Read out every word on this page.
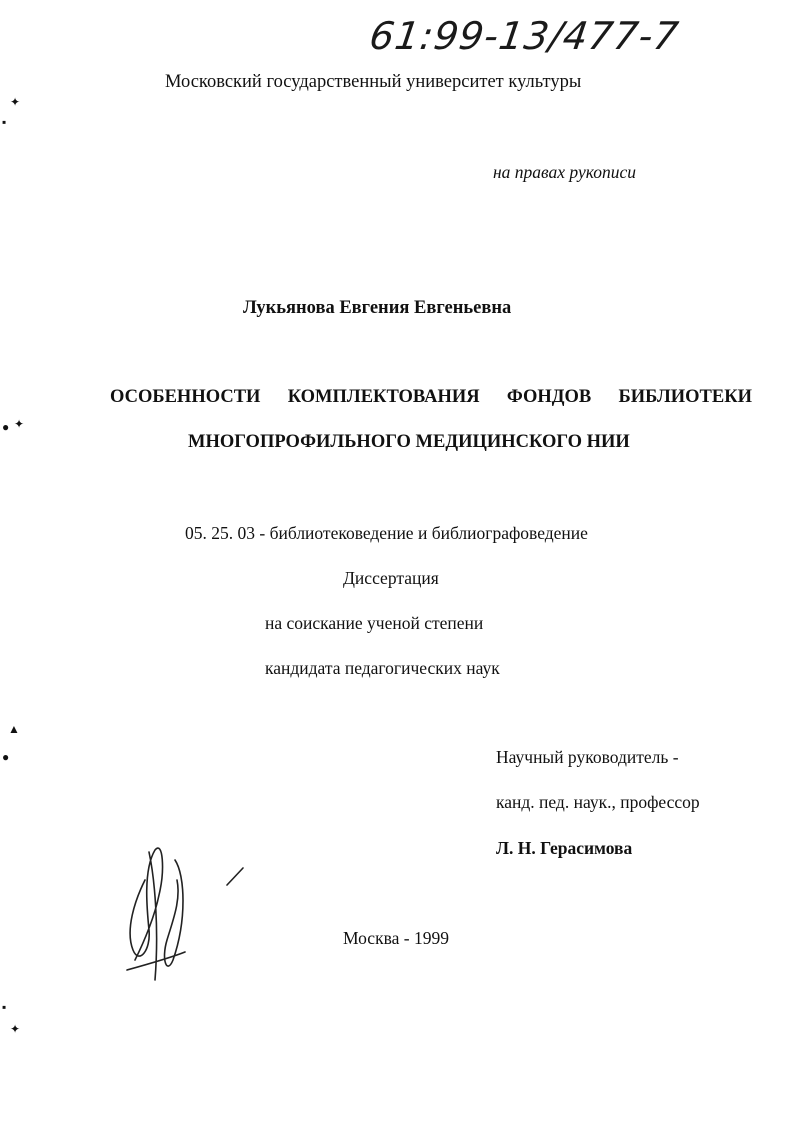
✦
▪
● ✦
▲
●
▪
✦
61:99-13/477-7
Московский государственный университет культуры
на правах рукописи
Лукьянова Евгения Евгеньевна
ОСОБЕННОСТИ КОМПЛЕКТОВАНИЯ ФОНДОВ БИБЛИОТЕКИ
МНОГОПРОФИЛЬНОГО МЕДИЦИНСКОГО НИИ
05. 25. 03 - библиотековедение и библиографоведение
Диссертация
на соискание ученой степени
кандидата педагогических наук
Научный руководитель -
канд. пед. наук., профессор
Л. Н. Герасимова
Москва - 1999
